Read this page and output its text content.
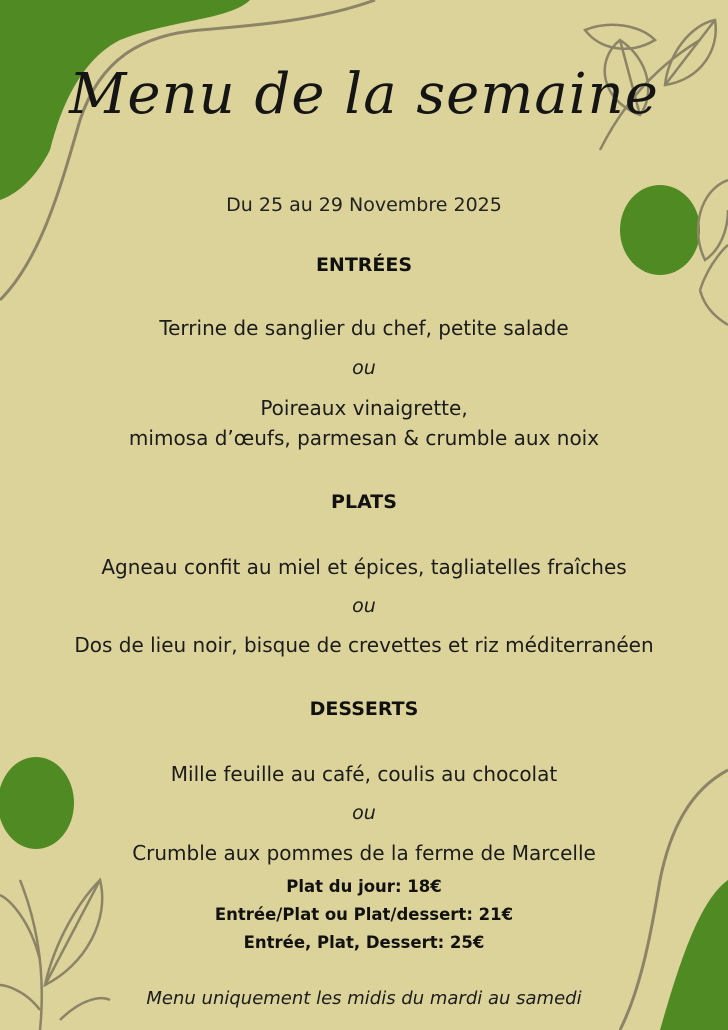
Menu de la semaine
Du 25 au 29 Novembre 2025
ENTRÉES
Terrine de sanglier du chef, petite salade
ou
Poireaux vinaigrette,
mimosa d’œufs, parmesan & crumble aux noix
PLATS
Agneau confit au miel et épices, tagliatelles fraîches
ou
Dos de lieu noir, bisque de crevettes et riz méditerranéen
DESSERTS
Mille feuille au café, coulis au chocolat
ou
Crumble aux pommes de la ferme de Marcelle
Plat du jour: 18€
Entrée/Plat ou Plat/dessert: 21€
Entrée, Plat, Dessert: 25€
Menu uniquement les midis du mardi au samedi
